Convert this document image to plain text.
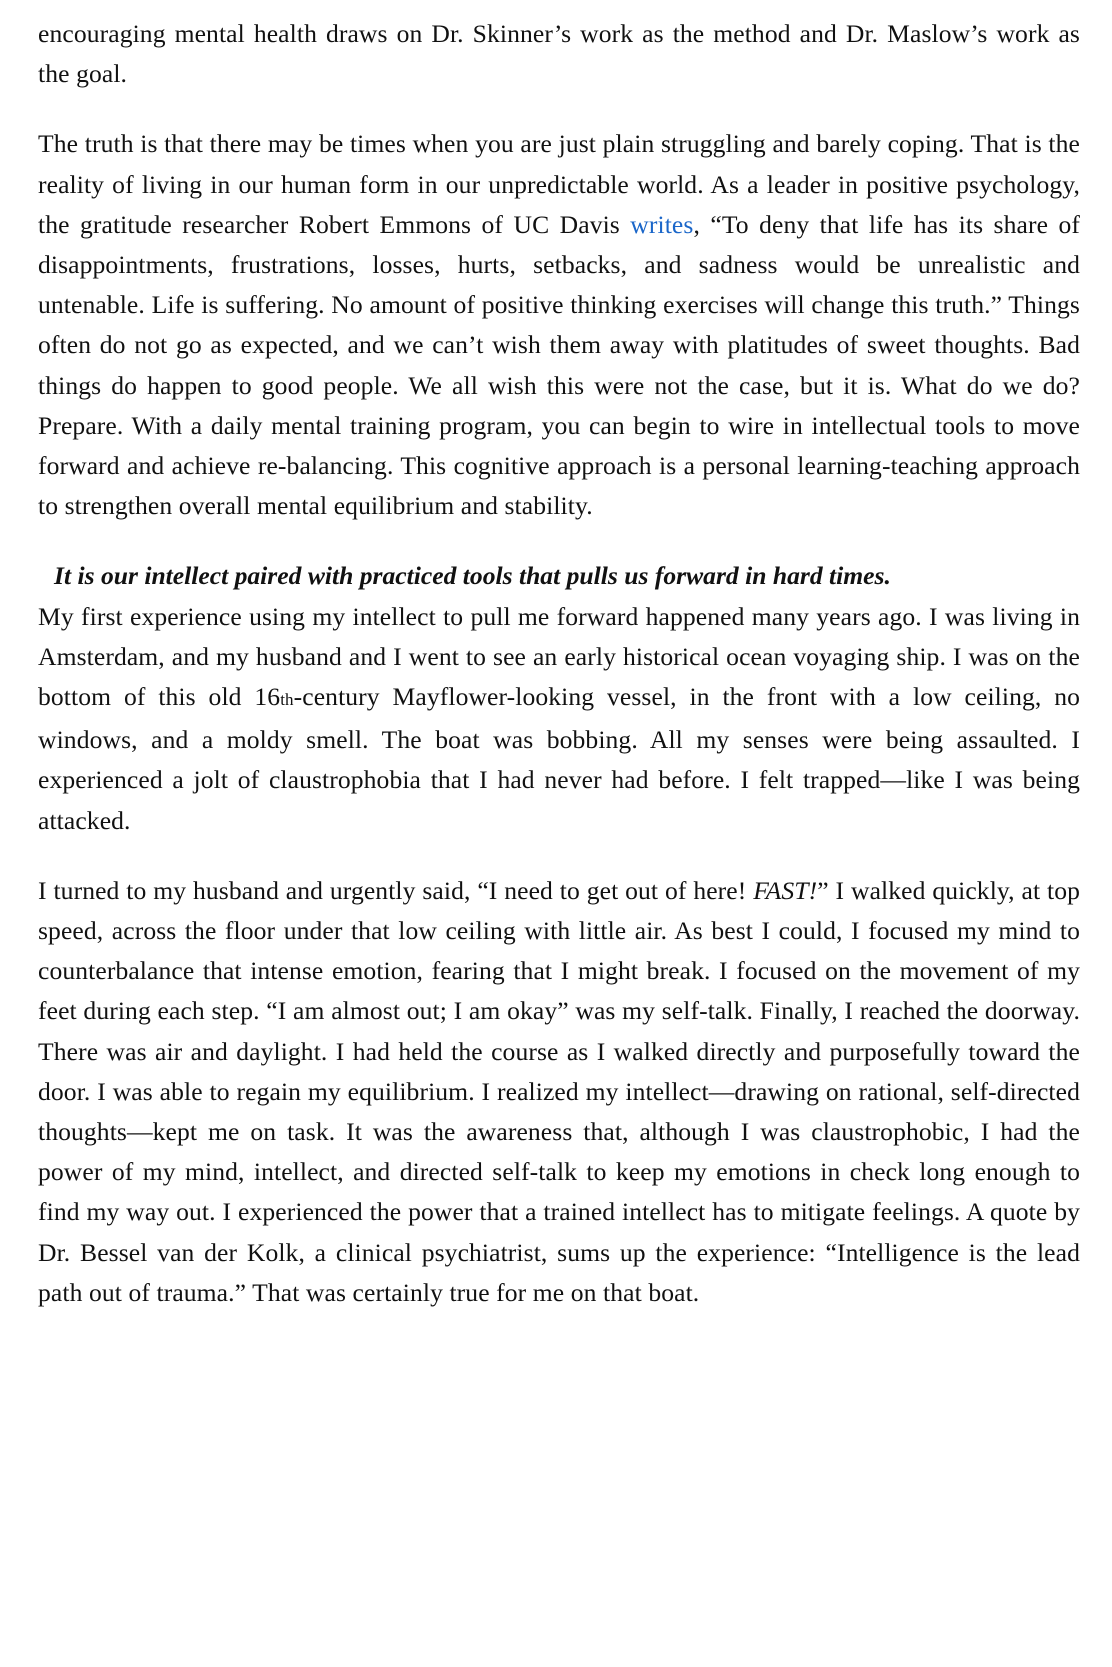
encouraging mental health draws on Dr. Skinner’s work as the method and Dr. Maslow’s work as the goal.

The truth is that there may be times when you are just plain struggling and barely coping. That is the reality of living in our human form in our unpredictable world. As a leader in positive psychology, the gratitude researcher Robert Emmons of UC Davis writes, “To deny that life has its share of disappointments, frustrations, losses, hurts, setbacks, and sadness would be unrealistic and untenable. Life is suffering. No amount of positive thinking exercises will change this truth.” Things often do not go as expected, and we can’t wish them away with platitudes of sweet thoughts. Bad things do happen to good people. We all wish this were not the case, but it is. What do we do? Prepare. With a daily mental training program, you can begin to wire in intellectual tools to move forward and achieve re-balancing. This cognitive approach is a personal learning-teaching approach to strengthen overall mental equilibrium and stability.

It is our intellect paired with practiced tools that pulls us forward in hard times.

My first experience using my intellect to pull me forward happened many years ago. I was living in Amsterdam, and my husband and I went to see an early historical ocean voyaging ship. I was on the bottom of this old 16th-century Mayflower-looking vessel, in the front with a low ceiling, no windows, and a moldy smell. The boat was bobbing. All my senses were being assaulted. I experienced a jolt of claustrophobia that I had never had before. I felt trapped—like I was being attacked.

I turned to my husband and urgently said, “I need to get out of here! FAST!” I walked quickly, at top speed, across the floor under that low ceiling with little air. As best I could, I focused my mind to counterbalance that intense emotion, fearing that I might break. I focused on the movement of my feet during each step. “I am almost out; I am okay” was my self-talk. Finally, I reached the doorway. There was air and daylight. I had held the course as I walked directly and purposefully toward the door. I was able to regain my equilibrium. I realized my intellect—drawing on rational, self-directed thoughts—kept me on task. It was the awareness that, although I was claustrophobic, I had the power of my mind, intellect, and directed self-talk to keep my emotions in check long enough to find my way out. I experienced the power that a trained intellect has to mitigate feelings. A quote by Dr. Bessel van der Kolk, a clinical psychiatrist, sums up the experience: “Intelligence is the lead path out of trauma.” That was certainly true for me on that boat.
